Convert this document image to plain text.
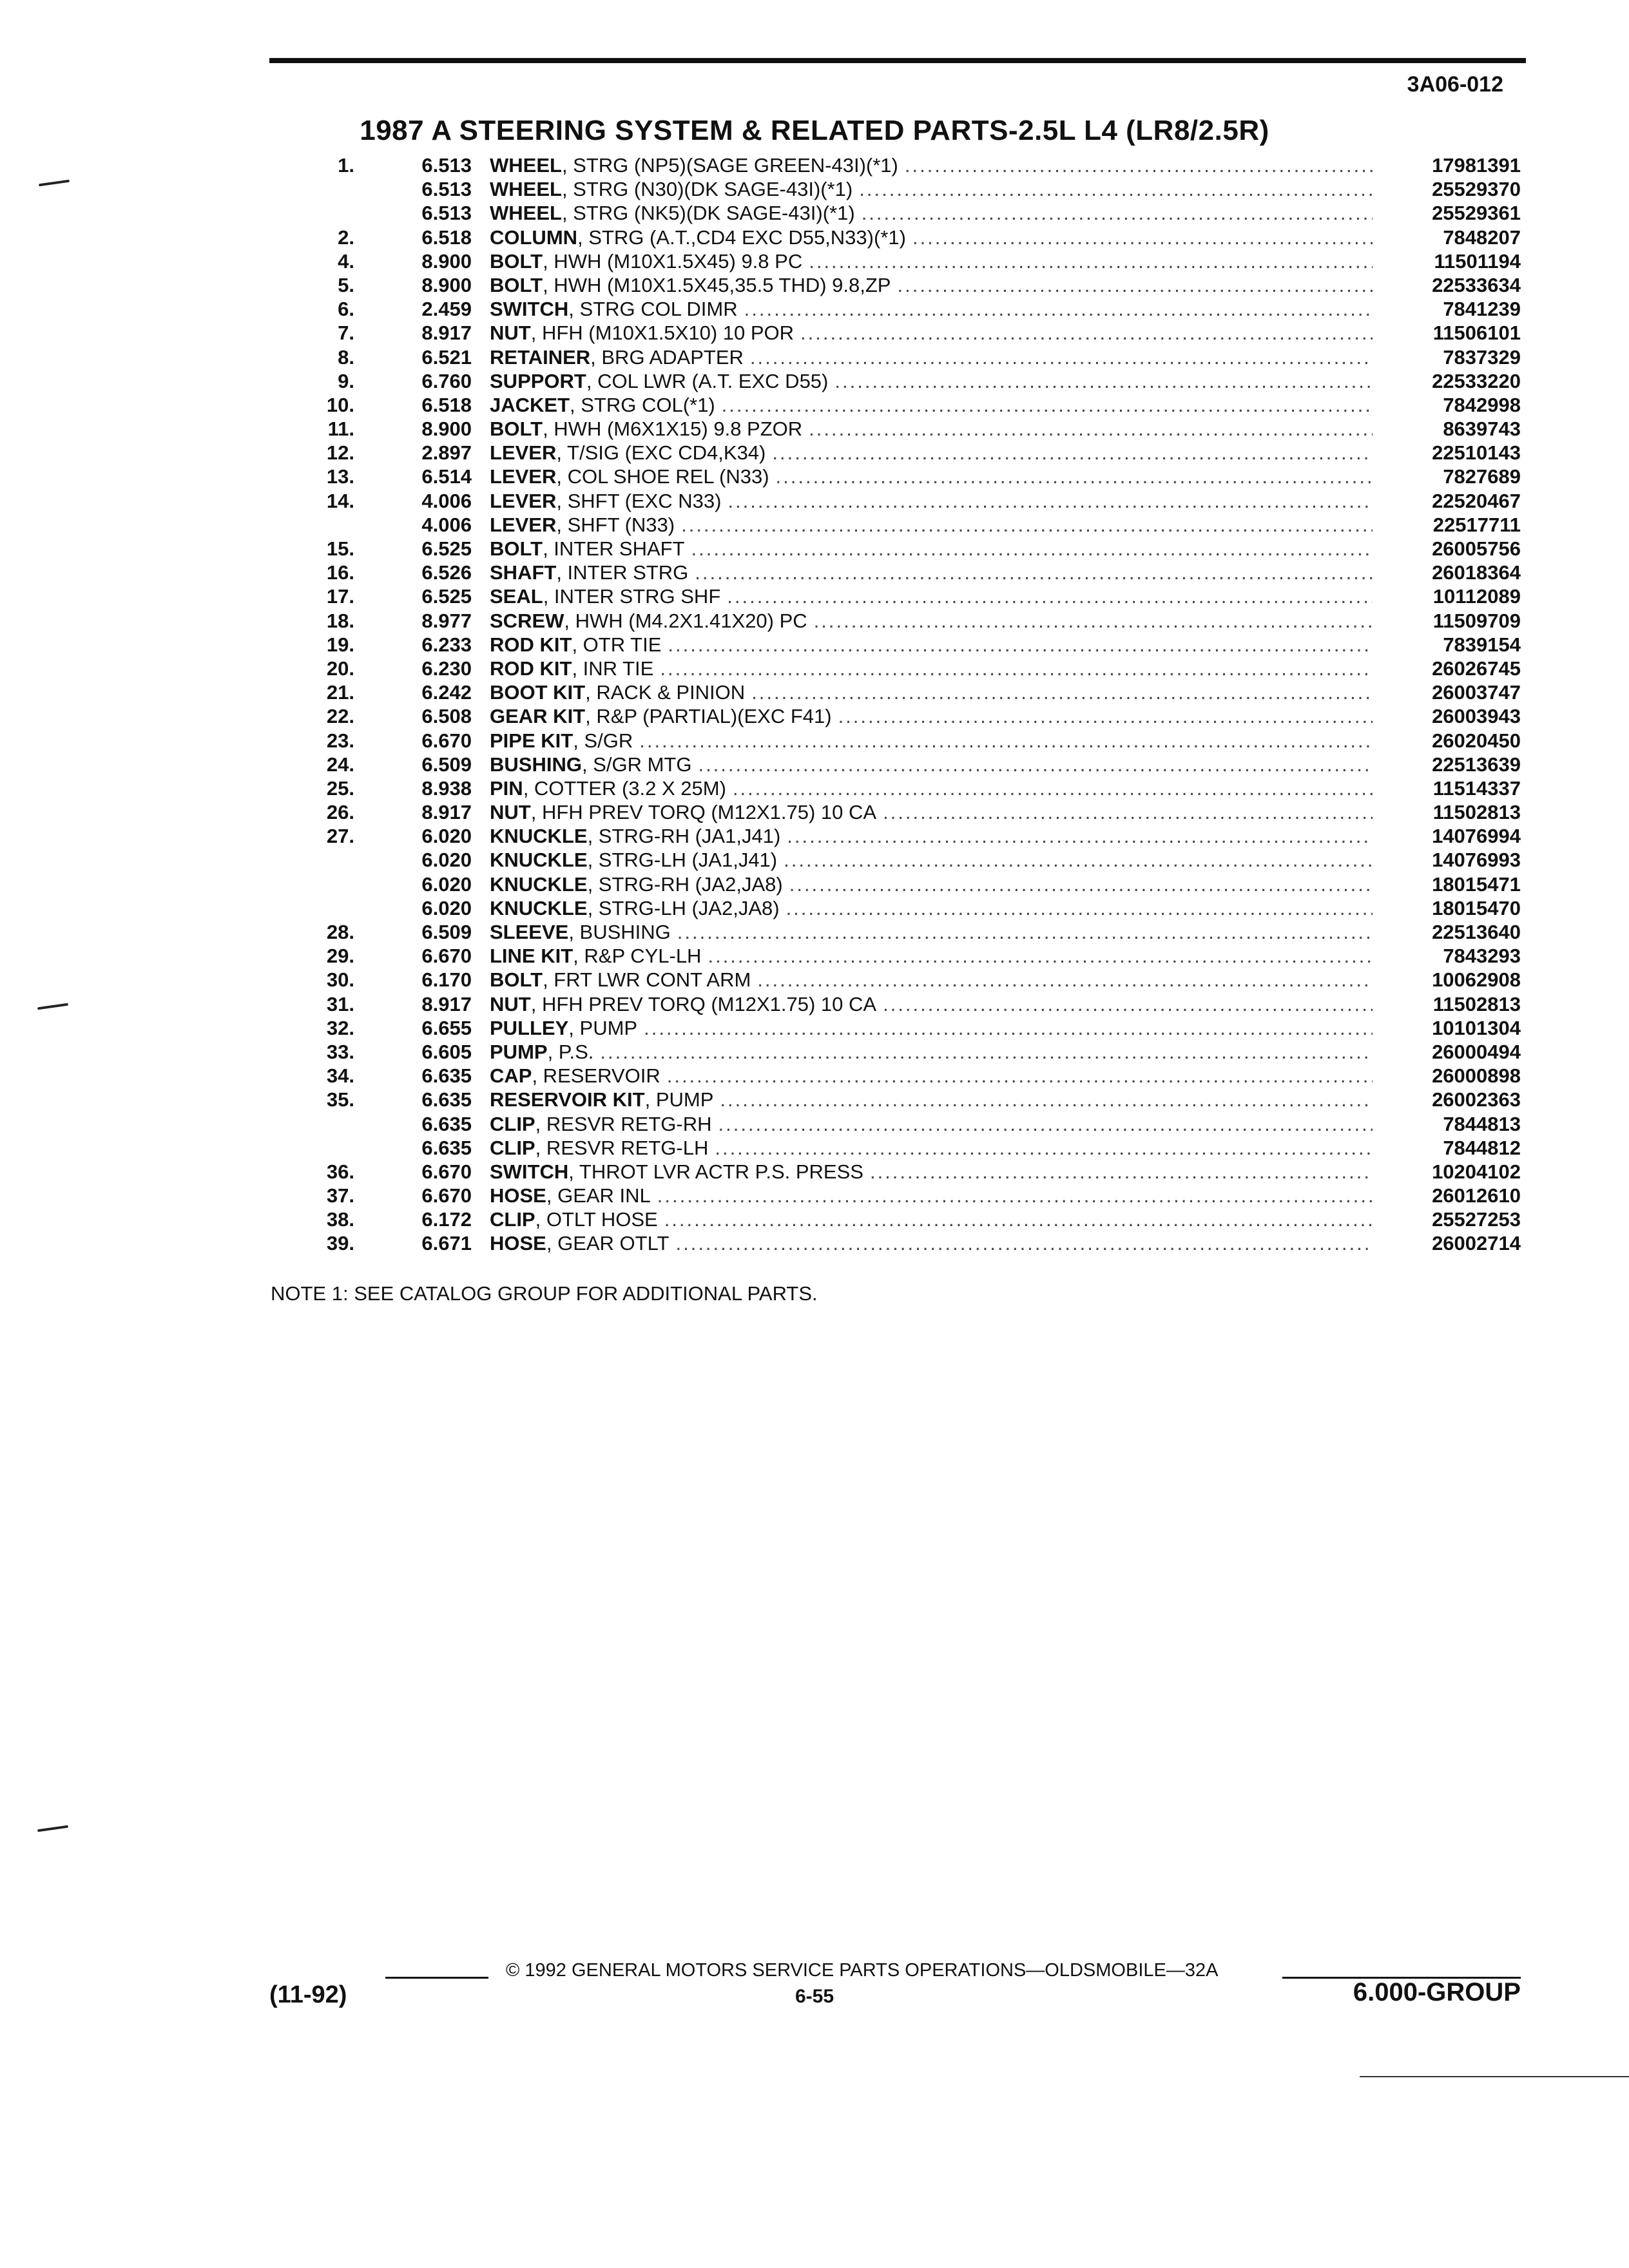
3A06-012
1987 A STEERING SYSTEM & RELATED PARTS-2.5L L4 (LR8/2.5R)
1.	6.513 WHEEL , STRG (NP5)(SAGE GREEN-43I)(*1) .....	17981391
6.513 WHEEL , STRG (N30)(DK SAGE-43I)(*1) .....	25529370
6.513 WHEEL , STRG (NK5)(DK SAGE-43I)(*1) .....	25529361
2.	6.518 COLUMN , STRG (A.T.,CD4 EXC D55,N33)(*1) .....	7848207
4.	8.900 BOLT , HWH (M10X1.5X45) 9.8 PC .....	11501194
5.	8.900 BOLT , HWH (M10X1.5X45,35.5 THD) 9.8,ZP .....	22533634
6.	2.459 SWITCH , STRG COL DIMR .....	7841239
7.	8.917 NUT , HFH (M10X1.5X10) 10 POR .....	11506101
8.	6.521 RETAINER , BRG ADAPTER .....	7837329
9.	6.760 SUPPORT , COL LWR (A.T. EXC D55) .....	22533220
10.	6.518 JACKET , STRG COL(*1) .....	7842998
11.	8.900 BOLT , HWH (M6X1X15) 9.8 PZOR .....	8639743
12.	2.897 LEVER , T/SIG (EXC CD4,K34) .....	22510143
13.	6.514 LEVER , COL SHOE REL (N33) .....	7827689
14.	4.006 LEVER , SHFT (EXC N33) .....	22520467
4.006 LEVER , SHFT (N33) .....	22517711
15.	6.525 BOLT , INTER SHAFT .....	26005756
16.	6.526 SHAFT , INTER STRG .....	26018364
17.	6.525 SEAL , INTER STRG SHF .....	10112089
18.	8.977 SCREW , HWH (M4.2X1.41X20) PC .....	11509709
19.	6.233 ROD KIT , OTR TIE .....	7839154
20.	6.230 ROD KIT , INR TIE .....	26026745
21.	6.242 BOOT KIT , RACK & PINION .....	26003747
22.	6.508 GEAR KIT , R&P (PARTIAL)(EXC F41) .....	26003943
23.	6.670 PIPE KIT , S/GR .....	26020450
24.	6.509 BUSHING , S/GR MTG .....	22513639
25.	8.938 PIN , COTTER (3.2 X 25M) .....	11514337
26.	8.917 NUT , HFH PREV TORQ (M12X1.75) 10 CA .....	11502813
27.	6.020 KNUCKLE , STRG-RH (JA1,J41) .....	14076994
6.020 KNUCKLE , STRG-LH (JA1,J41) .....	14076993
6.020 KNUCKLE , STRG-RH (JA2,JA8) .....	18015471
6.020 KNUCKLE , STRG-LH (JA2,JA8) .....	18015470
28.	6.509 SLEEVE , BUSHING .....	22513640
29.	6.670 LINE KIT , R&P CYL-LH .....	7843293
30.	6.170 BOLT , FRT LWR CONT ARM .....	10062908
31.	8.917 NUT , HFH PREV TORQ (M12X1.75) 10 CA .....	11502813
32.	6.655 PULLEY , PUMP .....	10101304
33.	6.605 PUMP , P.S. .....	26000494
34.	6.635 CAP , RESERVOIR .....	26000898
35.	6.635 RESERVOIR KIT , PUMP .....	26002363
6.635 CLIP , RESVR RETG-RH .....	7844813
6.635 CLIP , RESVR RETG-LH .....	7844812
36.	6.670 SWITCH , THROT LVR ACTR P.S. PRESS .....	10204102
37.	6.670 HOSE , GEAR INL .....	26012610
38.	6.172 CLIP , OTLT HOSE .....	25527253
39.	6.671 HOSE , GEAR OTLT .....	26002714
NOTE 1: SEE CATALOG GROUP FOR ADDITIONAL PARTS.
© 1992 GENERAL MOTORS SERVICE PARTS OPERATIONS—OLDSMOBILE—32A
(11-92)	6-55	6.000-GROUP
